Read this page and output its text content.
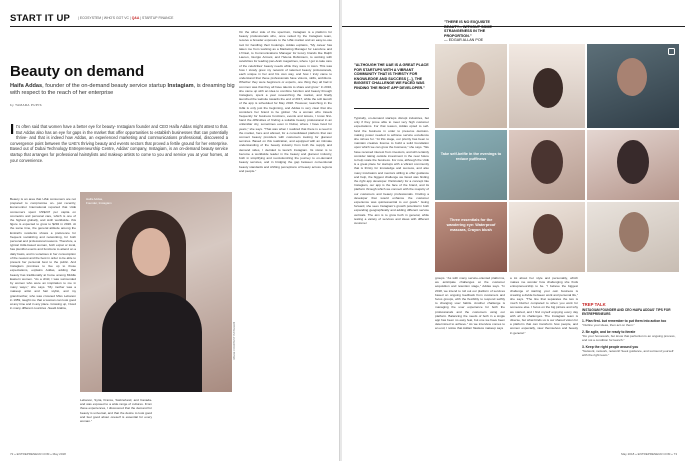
START IT UP | ECOSYSTEM | WHO'S GOT VC | Q&A | STARTUP FINANCE
Beauty on demand
Haifa Addas, founder of the on-demand beauty service startup Instagiam, is dreaming big with respect to the reach of her enterprise
by TAMARA PUPIS
It's often said that women have a better eye for beauty- Instagiam founder and CEO Haifa Addas might attest to that. But Addas also has an eye for gaps in the market that offer opportunities to establish businesses that can potentially thrive- and that is indeed how Addas, an experienced marketing and communications professional, discovered a convergence point between the UAE's thriving beauty and events sectors that proved a fertile ground for her enterprise. Based out of Dubai Technology Entrepreneurship Centre, Addas' company, Instagiam, is an on-demand beauty service startup that arranges for professional hairstylists and makeup artists to come to you and service you at your homes, at your convenience.
Beauty is an area that UAE consumers are not prepared to compromise on- just recently, Euromonitor International reported that UAE consumers spent US$247 per capita on cosmetics and personal care, which is one of the highest globally, and sixth worldwide- this figure is expected to grow to $294 in 2020. At the same time, the general attitude among the Emirati's residents shows a preference for frequent socializing and networking, for both personal and professional reasons. Therefore, a typical UAE-based woman, both expat or local, has plentiful events and functions to attend on a daily basis, and is voracious in her consumption of the newest and the best in order to be able to present her personal best to the public. And Instagiam promises to live up to those expectations, explains Addas, adding that beauty has traditionally at home among Middle Eastern women. "As a child, I was surrounded by women who were an inspiration to me in many ways," she says. "My mother was a makeup artist and hair stylist, and my grandmother, who was crowned Miss Lebanon in 1959, taught me that a woman can look good at any time and in any place. Growing up, I lived in many different countries -Saudi Arabia,
Haifa Addas,
Founder, Instagiam
IMAGE COURTESY INSTAGIAM
Lebanon, Syria, France, Switzerland, and Canada- and was exposed to a wide range of cultures. From these experiences, I discovered that the demand for beauty is universal, and that the desire to look good and feel good about oneself is essential for every woman."
On the other side of the spectrum, Instagiam is a platform for beauty professionals who, once vetted by the Instagiam team, receive a broader exposure to the UAE market and an easy-to-use tool for handling their bookings. Addas explains, "My career has taken me from working as a Marketing Manager for Lancôme and L'Oréal, to Communications Manager for luxury brands like Ralph Lauren, Giorgio Armani, and Helena Rubinstein, to working with celebrities for leading pan-Arab magazines, where I got to take care of the celebrities' beauty needs while they were in town. This was how I slowly grew my network of talented beauty professionals, each unique in her and his own way, and how I truly came to understand that these professionals have visions, skills, ambitions. Whether they were beginners or experts, one thing they all had in common was that they all have talents to share and grow." In 2016, she came up with an idea to combine function and beauty through Instagiam, spent a year researching the market, and finally launched the website towards the end of 2017, while the soft launch of the app is scheduled for May 2018. However, launching in the UAE is only just the beginning, and Addas is very clear that she considers her brand to be global. "As a woman who travels frequently for business functions, events and leisure, I know first-hand the difficulties of finding a suitable beauty professional in an unfamiliar city, sometimes even in Dubai, where I have lived for years," she says. "That was when I realized that there is a need in the market, here and abroad, for a consolidated platform that can connect beauty providers with customers looking for glamour services. Based on this realization, and equipped with an intimate understanding of the beauty industry from both the supply and demand sides, I decided to launch Instagiam. Its vision is to become a worldwide leader in the beauty and glamour industry, both in simplifying and revolutionizing the journey to on-demand beauty services, and in bridging the gap between conventional beauty standards and shifting perceptions of beauty across regions and people."
72 » ENTREPRENEUR.COM » May 2018
"ALTHOUGH THE UAE IS A GREAT PLACE FOR STARTUPS WITH A VIBRANT COMMUNITY THAT IS THIRSTY FOR KNOWLEDGE AND SUCCESS [...], THE BIGGEST CHALLENGE WE FACED WAS FINDING THE RIGHT APP DEVELOPER."
"THERE IS NO EXQUISITE BEAUTY... WITHOUT SOME STRANGENESS IN THE PROPORTION."
— EDGAR ALLAN POE
Typically, on-demand startups disrupt industries, but only if they prove able to meet very high customer expectations. For that reason, Addas opted to self-fund the business in order to preserve decision-making power needed to achieve service excellence she strives for. "At this stage, our priority has been to maintain creative license to build a solid foundation upon which we can grow the business," she says. "We have received interest from investors, and will certainly consider taking outside investment in the near future to help scale the business. For now, although the UAE is a great place for startups with a vibrant community that is thirsty for knowledge and success, and also many incubators and mentors willing to offer guidance and help, the biggest challenge we faced was finding the right app developer. Particularly for a concept like Instagiam, our app is the face of the brand, and its platform through which we connect with the majority of our customers and beauty professionals. Finding a developer that would enhance the customer experience was quintessential to our goals." Going forward, she sees Instagiam's growth potential in both expanding geographically and adding different service verticals. The aim is to grow both in general, while testing a variety of services and ideas with different customer
Take self-belfie in the evenings to reduce puffiness
Three essentials for the wandering eye: Waterproof mascara, Crayon blush
groups. "As with many service-oriented platforms, we anticipate challenges at the customer acquisition and retention stage," Addas says. "In 2018, we intend to roll out our platform of services based on ongoing feedback from customers and focus groups, with the flexibility to respond swiftly to changing user habits. Another challenge is managing the user experience for both the professionals and the customers using our platform. Balancing the needs of both in a single app has been no easy feat, but one we have been determined to achieve." As we interview comes to an end, I notice that Addas' flawless makeup says
a lot about her style and personality, which makes me wonder how challenging she finds entrepreneurship to be. "I believe the biggest challenge of starting your own business is creating a divide between work and personal life," she says. "The line that separates the two is much blurrier compared to when you work for someone else. I focus on the big picture and why we started, and I find myself enjoying every day with all its challenges. The Instagiam team is diverse, but what binds us is our shared vision for a platform that can transform how people, and women especially, view themselves and beauty in general."
TREP TALK
INSTAGIAM FOUNDER AND CEO HAIFA ADDAS' TIPS FOR ENTREPRENEURS
1. Plan first- but remember to put them into action too
"Outline your ideas, then act on them."
2. Be agile, and be ready to iterate
"Do your homework, but know that perfection is an ongoing process, and not a condition for launch."
3. Keep the right people around you
"Network, network, network! Seek guidance, and surround yourself with the right team."
May 2018 » ENTREPRENEUR.COM « 73
